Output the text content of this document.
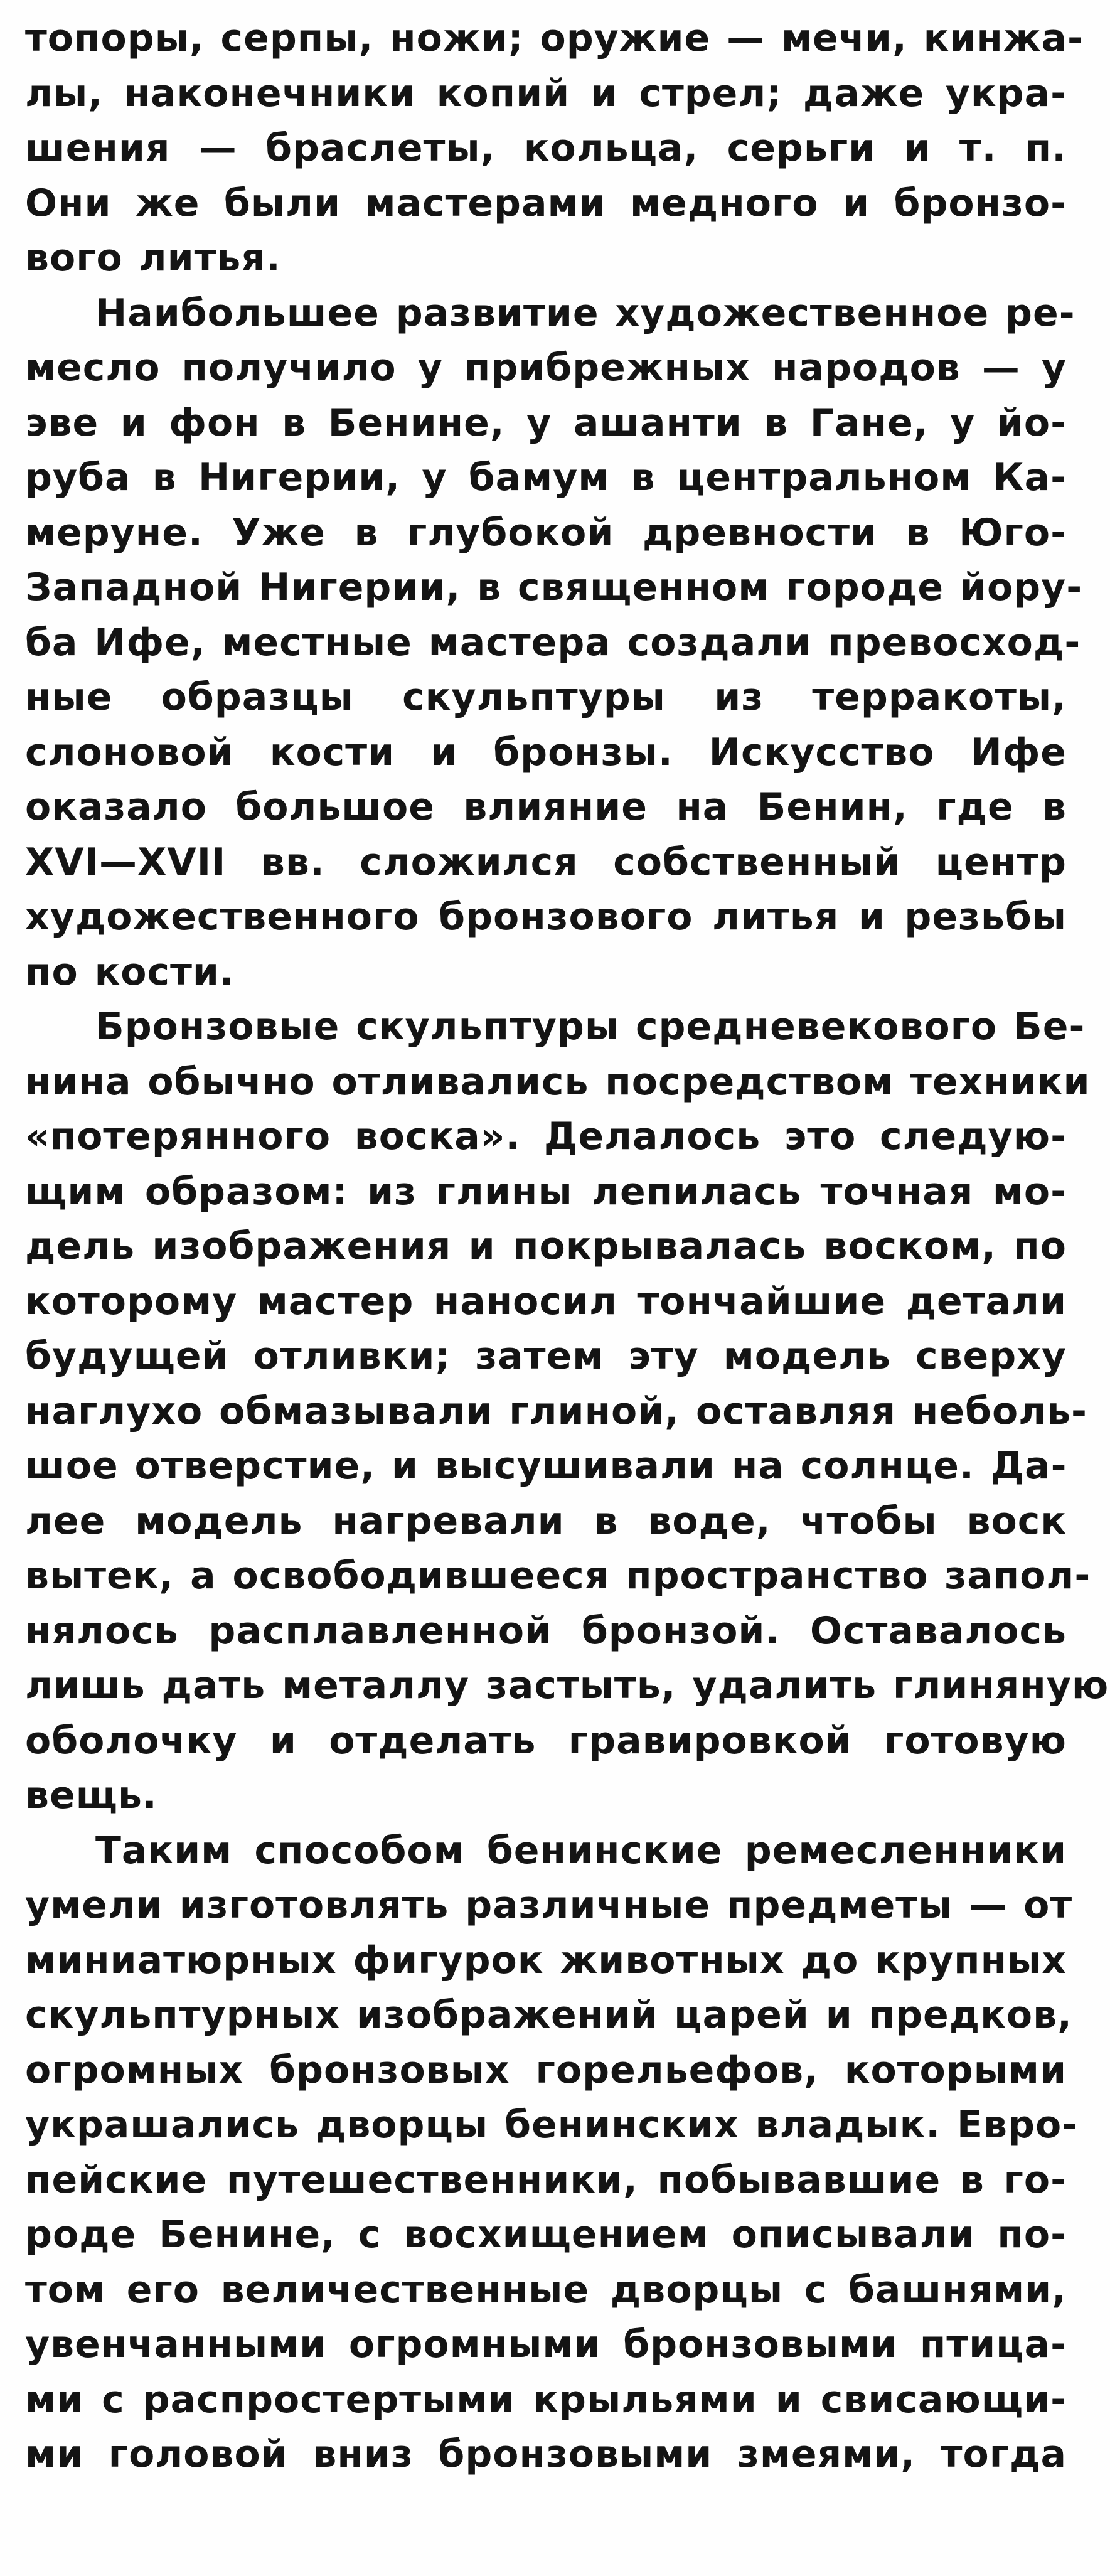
топоры, серпы, ножи; оружие — мечи, кинжа-
лы, наконечники копий и стрел; даже укра-
шения — браслеты, кольца, серьги и т. п.
Они же были мастерами медного и бронзо-
вого литья.

Наибольшее развитие художественное ре-
месло получило у прибрежных народов — у
эве и фон в Бенине, у ашанти в Гане, у йо-
руба в Нигерии, у бамум в центральном Ка-
меруне. Уже в глубокой древности в Юго-
Западной Нигерии, в священном городе йору-
ба Ифе, местные мастера создали превосход-
ные образцы скульптуры из терракоты,
слоновой кости и бронзы. Искусство Ифе
оказало большое влияние на Бенин, где в
XVI—XVII вв. сложился собственный центр
художественного бронзового литья и резьбы
по кости.

Бронзовые скульптуры средневекового Бе-
нина обычно отливались посредством техники
«потерянного воска». Делалось это следую-
щим образом: из глины лепилась точная мо-
дель изображения и покрывалась воском, по
которому мастер наносил тончайшие детали
будущей отливки; затем эту модель сверху
наглухо обмазывали глиной, оставляя неболь-
шое отверстие, и высушивали на солнце. Да-
лее модель нагревали в воде, чтобы воск
вытек, а освободившееся пространство запол-
нялось расплавленной бронзой. Оставалось
лишь дать металлу застыть, удалить глиняную
оболочку и отделать гравировкой готовую
вещь.

Таким способом бенинские ремесленники
умели изготовлять различные предметы — от
миниатюрных фигурок животных до крупных
скульптурных изображений царей и предков,
огромных бронзовых горельефов, которыми
украшались дворцы бенинских владык. Евро-
пейские путешественники, побывавшие в го-
роде Бенине, с восхищением описывали по-
том его величественные дворцы с башнями,
увенчанными огромными бронзовыми птица-
ми с распростертыми крыльями и свисающи-
ми головой вниз бронзовыми змеями, тогда
